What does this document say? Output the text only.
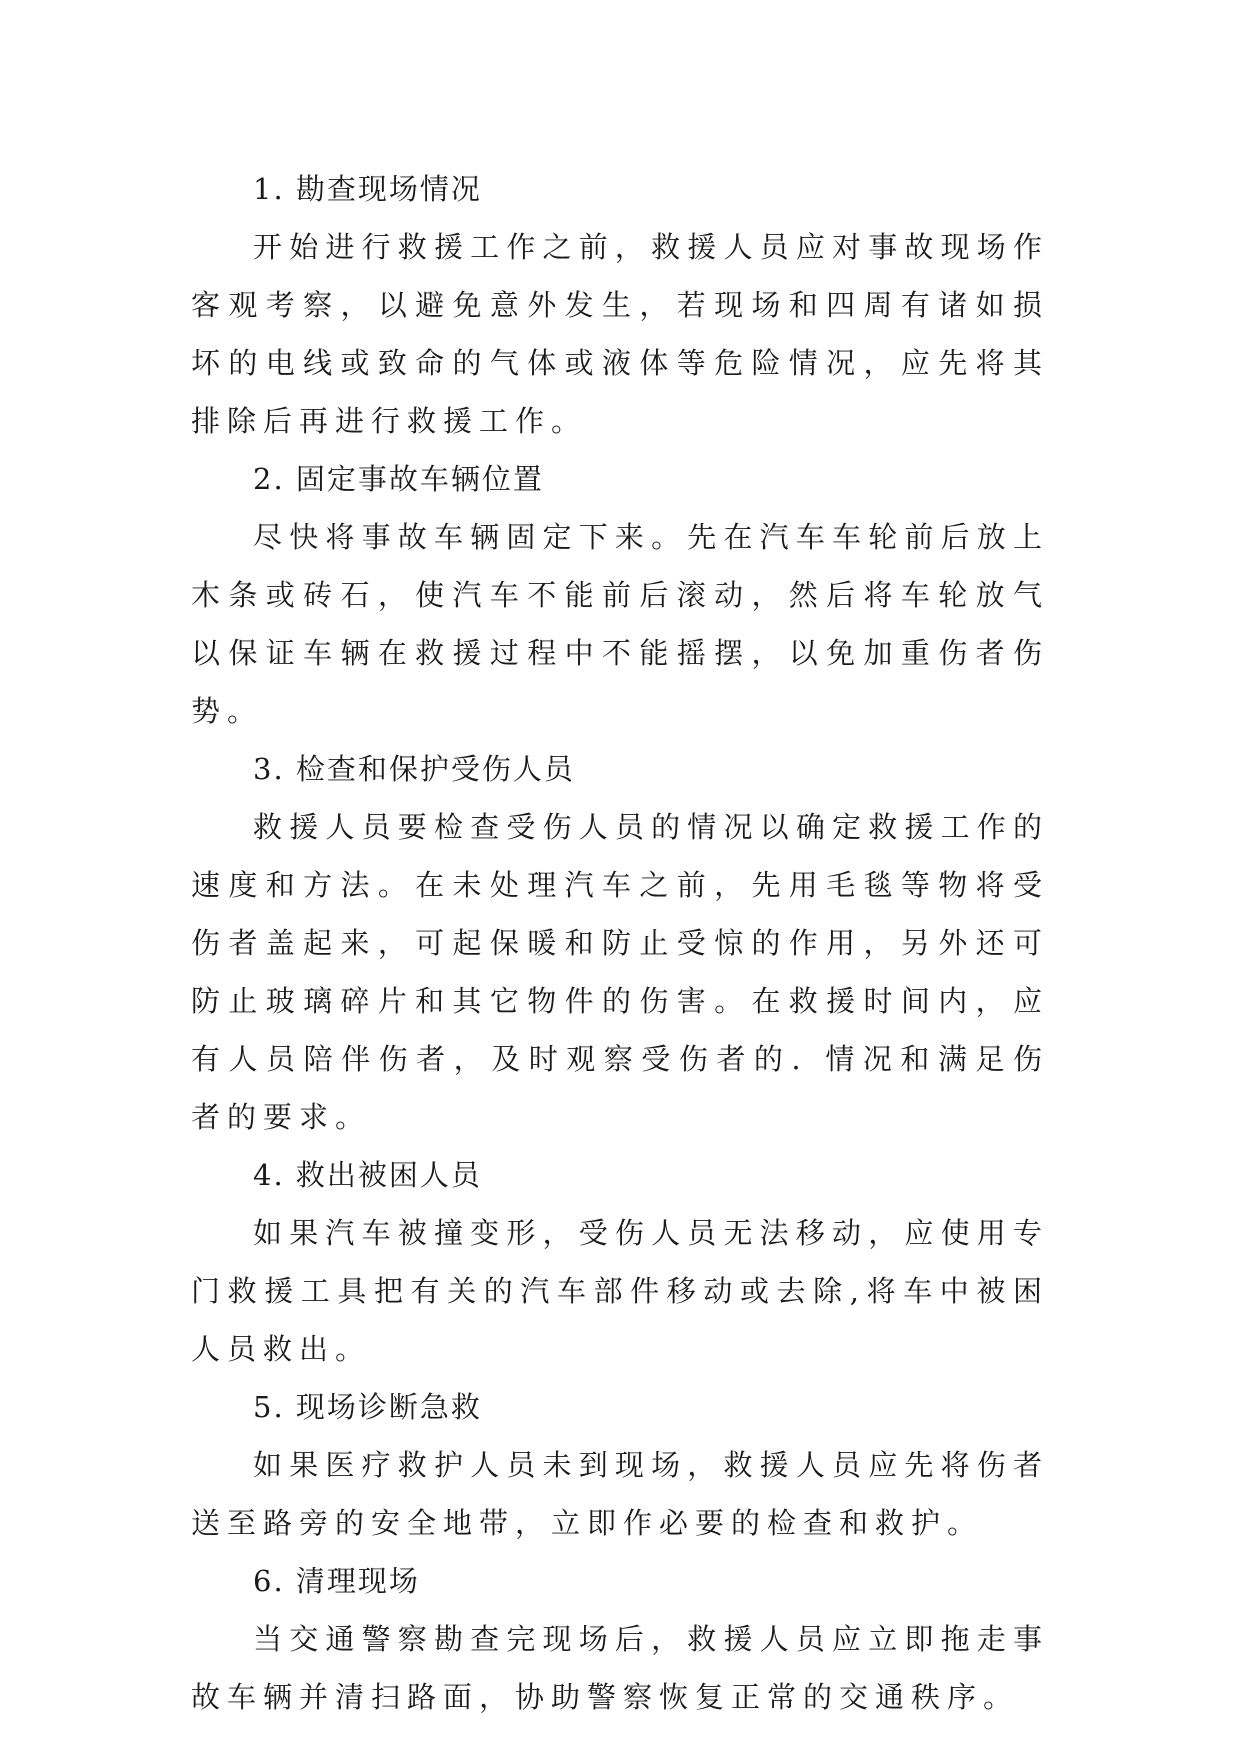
1. 勘查现场情况

开始进行救援工作之前，救援人员应对事故现场作客观考察，以避免意外发生，若现场和四周有诸如损坏的电线或致命的气体或液体等危险情况，应先将其排除后再进行救援工作。

2. 固定事故车辆位置

尽快将事故车辆固定下来。先在汽车车轮前后放上木条或砖石，使汽车不能前后滚动，然后将车轮放气以保证车辆在救援过程中不能摇摆，以免加重伤者伤势。

3. 检查和保护受伤人员

救援人员要检查受伤人员的情况以确定救援工作的速度和方法。在未处理汽车之前，先用毛毯等物将受伤者盖起来，可起保暖和防止受惊的作用，另外还可防止玻璃碎片和其它物件的伤害。在救援时间内，应有人员陪伴伤者，及时观察受伤者的. 情况和满足伤者的要求。

4. 救出被困人员

如果汽车被撞变形，受伤人员无法移动，应使用专门救援工具把有关的汽车部件移动或去除,将车中被困人员救出。

5. 现场诊断急救

如果医疗救护人员未到现场，救援人员应先将伤者送至路旁的安全地带，立即作必要的检查和救护。

6. 清理现场

当交通警察勘查完现场后，救援人员应立即拖走事故车辆并清扫路面，协助警察恢复正常的交通秩序。
